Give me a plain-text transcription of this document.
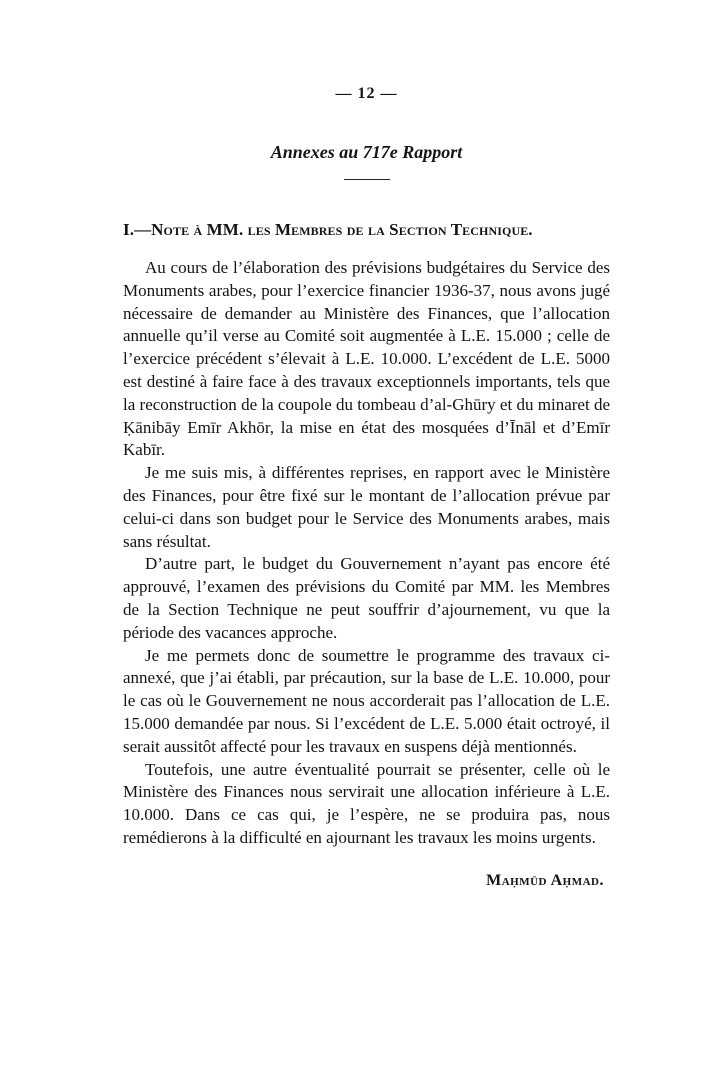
— 12 —
Annexes au 717e Rapport
I.—Note à MM. les Membres de la Section Technique.

Au cours de l’élaboration des prévisions budgétaires du Service des Monuments arabes, pour l’exercice financier 1936-37, nous avons jugé nécessaire de demander au Ministère des Finances, que l’allocation annuelle qu’il verse au Comité soit augmentée à L.E. 15.000 ; celle de l’exercice précédent s’élevait à L.E. 10.000. L’excédent de L.E. 5000 est destiné à faire face à des travaux exceptionnels importants, tels que la reconstruction de la coupole du tombeau d’al-Ghūry et du minaret de Ḳānibāy Emīr Akhōr, la mise en état des mosquées d’Īnāl et d’Emīr Kabīr.

Je me suis mis, à différentes reprises, en rapport avec le Ministère des Finances, pour être fixé sur le montant de l’allocation prévue par celui-ci dans son budget pour le Service des Monuments arabes, mais sans résultat.

D’autre part, le budget du Gouvernement n’ayant pas encore été approuvé, l’examen des prévisions du Comité par MM. les Membres de la Section Technique ne peut souffrir d’ajournement, vu que la période des vacances approche.

Je me permets donc de soumettre le programme des travaux ci-annexé, que j’ai établi, par précaution, sur la base de L.E. 10.000, pour le cas où le Gouvernement ne nous accorderait pas l’allocation de L.E. 15.000 demandée par nous. Si l’excédent de L.E. 5.000 était octroyé, il serait aussitôt affecté pour les travaux en suspens déjà mentionnés.

Toutefois, une autre éventualité pourrait se présenter, celle où le Ministère des Finances nous servirait une allocation inférieure à L.E. 10.000. Dans ce cas qui, je l’espère, ne se produira pas, nous remédierons à la difficulté en ajournant les travaux les moins urgents.

Maḥmūd Aḥmad.
